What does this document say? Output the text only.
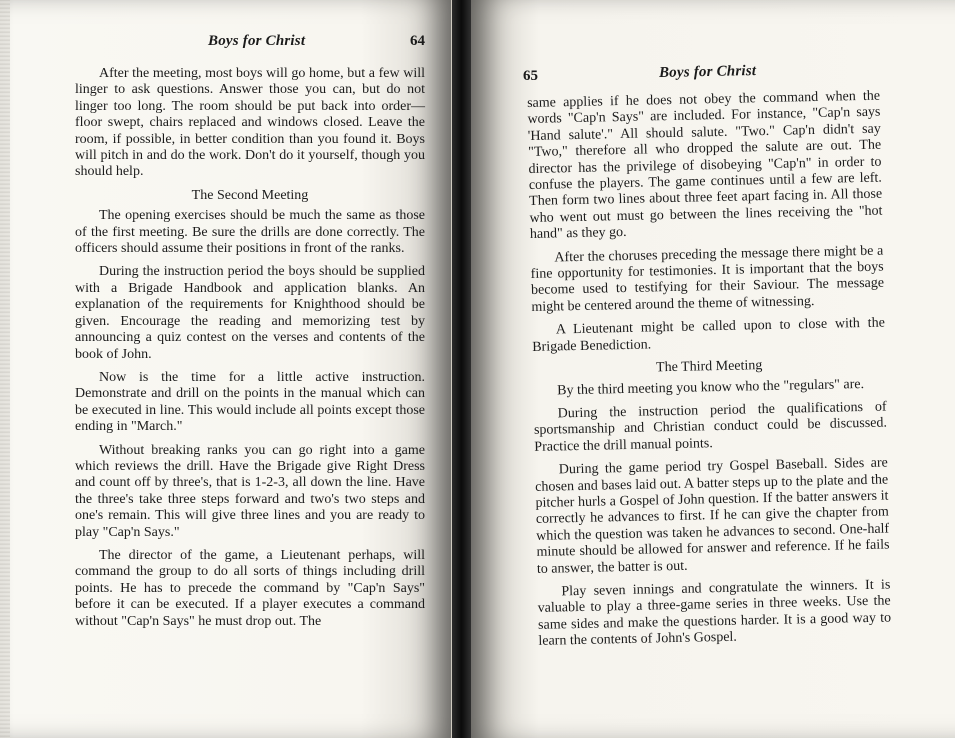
Boys for Christ	64

After the meeting, most boys will go home, but a few will linger to ask questions. Answer those you can, but do not linger too long. The room should be put back into order—floor swept, chairs replaced and windows closed. Leave the room, if possible, in better condition than you found it. Boys will pitch in and do the work. Don't do it yourself, though you should help.

The Second Meeting

The opening exercises should be much the same as those of the first meeting. Be sure the drills are done correctly. The officers should assume their positions in front of the ranks.

During the instruction period the boys should be supplied with a Brigade Handbook and application blanks. An explanation of the requirements for Knighthood should be given. Encourage the reading and memorizing test by announcing a quiz contest on the verses and contents of the book of John.

Now is the time for a little active instruction. Demonstrate and drill on the points in the manual which can be executed in line. This would include all points except those ending in "March."

Without breaking ranks you can go right into a game which reviews the drill. Have the Brigade give Right Dress and count off by three's, that is 1-2-3, all down the line. Have the three's take three steps forward and two's two steps and one's remain. This will give three lines and you are ready to play "Cap'n Says."

The director of the game, a Lieutenant perhaps, will command the group to do all sorts of things including drill points. He has to precede the command by "Cap'n Says" before it can be executed. If a player executes a command without "Cap'n Says" he must drop out. The

65	Boys for Christ

same applies if he does not obey the command when the words "Cap'n Says" are included. For instance, "Cap'n says 'Hand salute'." All should salute. "Two." Cap'n didn't say "Two," therefore all who dropped the salute are out. The director has the privilege of disobeying "Cap'n" in order to confuse the players. The game continues until a few are left. Then form two lines about three feet apart facing in. All those who went out must go between the lines receiving the "hot hand" as they go.

After the choruses preceding the message there might be a fine opportunity for testimonies. It is important that the boys become used to testifying for their Saviour. The message might be centered around the theme of witnessing.

A Lieutenant might be called upon to close with the Brigade Benediction.

The Third Meeting

By the third meeting you know who the "regulars" are.

During the instruction period the qualifications of sportsmanship and Christian conduct could be discussed. Practice the drill manual points.

During the game period try Gospel Baseball. Sides are chosen and bases laid out. A batter steps up to the plate and the pitcher hurls a Gospel of John question. If the batter answers it correctly he advances to first. If he can give the chapter from which the question was taken he advances to second. One-half minute should be allowed for answer and reference. If he fails to answer, the batter is out.

Play seven innings and congratulate the winners. It is valuable to play a three-game series in three weeks. Use the same sides and make the questions harder. It is a good way to learn the contents of John's Gospel.
